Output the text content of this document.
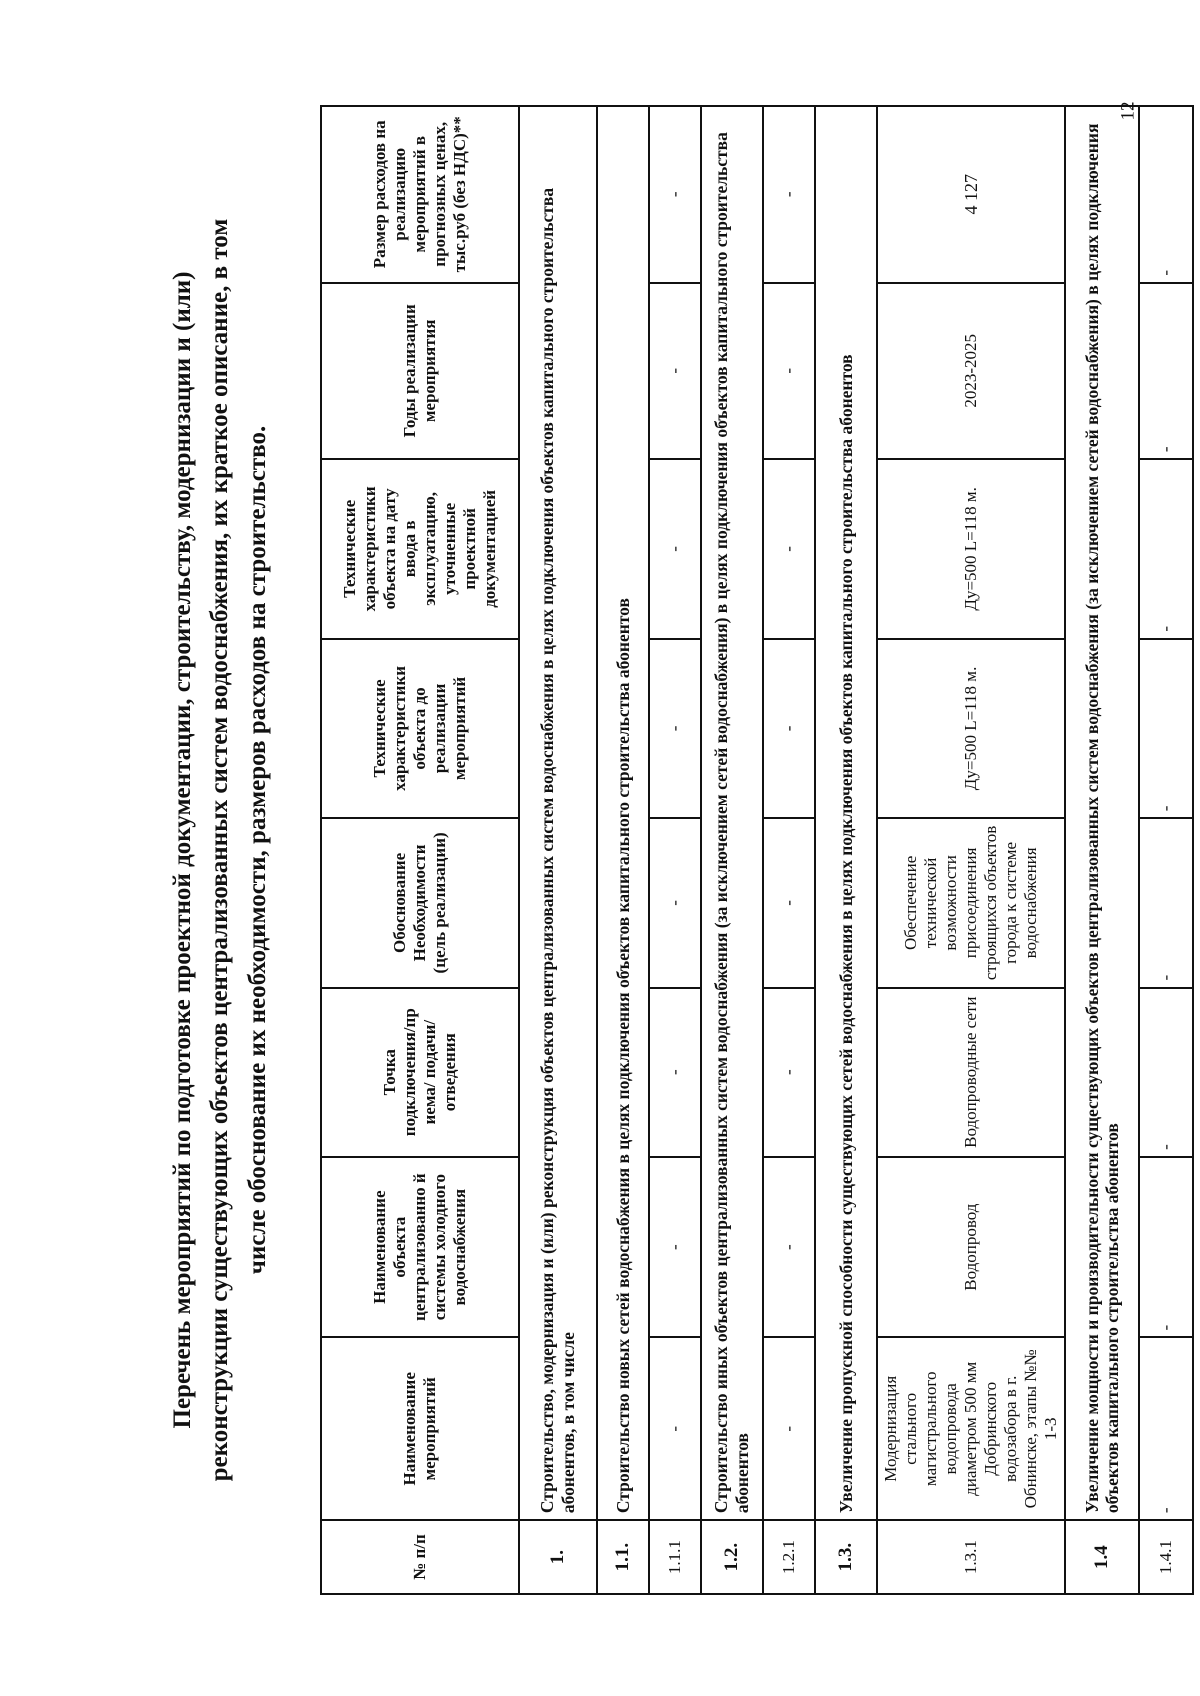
Перечень мероприятий по подготовке проектной документации, строительству, модернизации и (или) реконструкции существующих объектов централизованных систем водоснабжения, их краткое описание, в том числе обоснование их необходимости, размеров расходов на строительство.
№ п/п	Наименование мероприятий	Наименование объекта централизованно й системы холодного водоснабжения	Точка подключения/пр иема/ подачи/ отведения	Обоснование Необходимости (цель реализации)	Технические характеристики объекта до реализации мероприятий	Технические характеристики объекта на дату ввода в эксплуатацию, уточненные проектной документацией	Годы реализации мероприятия	Размер расходов на реализацию мероприятий в прогнозных ценах, тыс.руб (без НДС)**
1.	Строительство, модернизация и (или) реконструкция объектов централизованных систем водоснабжения в целях подключения объектов капитального строительства абонентов, в том числе							
1.1.	Строительство новых сетей водоснабжения в целях подключения объектов капитального строительства абонентов							
1.1.1	-	-	-	-	-	-	-	-
1.2.	Строительство иных объектов централизованных систем водоснабжения (за исключением сетей водоснабжения) в целях подключения объектов капитального строительства абонентов							
1.2.1	-	-	-	-	-	-	-	-
1.3.	Увеличение пропускной способности существующих сетей водоснабжения в целях подключения объектов капитального строительства абонентов							
1.3.1	Модернизация стального магистрального водопровода диаметром 500 мм Добринского водозабора в г. Обнинске, этапы №№ 1-3	Водопровод	Водопроводные сети	Обеспечение технической возможности присоединения строящихся объектов города к системе водоснабжения	Ду=500 L=118 м.	Ду=500 L=118 м.	2023-2025	4 127
1.4	Увеличение мощности и производительности существующих объектов централизованных систем водоснабжения (за исключением сетей водоснабжения) в целях подключения объектов капитального строительства абонентов							
1.4.1	-	-	-	-	-	-	-	-
12
